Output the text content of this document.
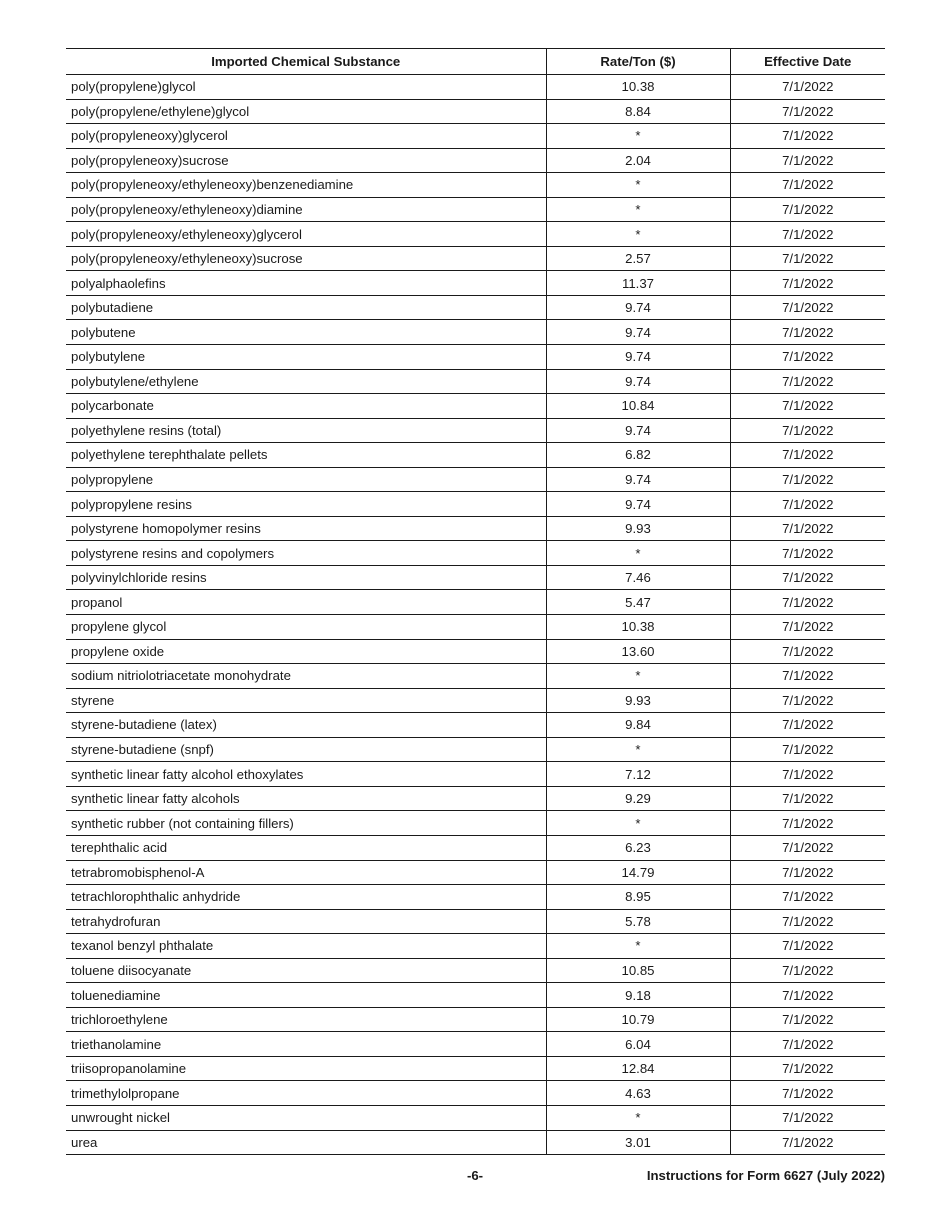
Imported Chemical Substance	Rate/Ton ($)	Effective Date
poly(propylene)glycol	10.38	7/1/2022
poly(propylene/ethylene)glycol	8.84	7/1/2022
poly(propyleneoxy)glycerol	*	7/1/2022
poly(propyleneoxy)sucrose	2.04	7/1/2022
poly(propyleneoxy/ethyleneoxy)benzenediamine	*	7/1/2022
poly(propyleneoxy/ethyleneoxy)diamine	*	7/1/2022
poly(propyleneoxy/ethyleneoxy)glycerol	*	7/1/2022
poly(propyleneoxy/ethyleneoxy)sucrose	2.57	7/1/2022
polyalphaolefins	11.37	7/1/2022
polybutadiene	9.74	7/1/2022
polybutene	9.74	7/1/2022
polybutylene	9.74	7/1/2022
polybutylene/ethylene	9.74	7/1/2022
polycarbonate	10.84	7/1/2022
polyethylene resins (total)	9.74	7/1/2022
polyethylene terephthalate pellets	6.82	7/1/2022
polypropylene	9.74	7/1/2022
polypropylene resins	9.74	7/1/2022
polystyrene homopolymer resins	9.93	7/1/2022
polystyrene resins and copolymers	*	7/1/2022
polyvinylchloride resins	7.46	7/1/2022
propanol	5.47	7/1/2022
propylene glycol	10.38	7/1/2022
propylene oxide	13.60	7/1/2022
sodium nitriolotriacetate monohydrate	*	7/1/2022
styrene	9.93	7/1/2022
styrene-butadiene (latex)	9.84	7/1/2022
styrene-butadiene (snpf)	*	7/1/2022
synthetic linear fatty alcohol ethoxylates	7.12	7/1/2022
synthetic linear fatty alcohols	9.29	7/1/2022
synthetic rubber (not containing fillers)	*	7/1/2022
terephthalic acid	6.23	7/1/2022
tetrabromobisphenol-A	14.79	7/1/2022
tetrachlorophthalic anhydride	8.95	7/1/2022
tetrahydrofuran	5.78	7/1/2022
texanol benzyl phthalate	*	7/1/2022
toluene diisocyanate	10.85	7/1/2022
toluenediamine	9.18	7/1/2022
trichloroethylene	10.79	7/1/2022
triethanolamine	6.04	7/1/2022
triisopropanolamine	12.84	7/1/2022
trimethylolpropane	4.63	7/1/2022
unwrought nickel	*	7/1/2022
urea	3.01	7/1/2022
-6-	Instructions for Form 6627 (July 2022)
